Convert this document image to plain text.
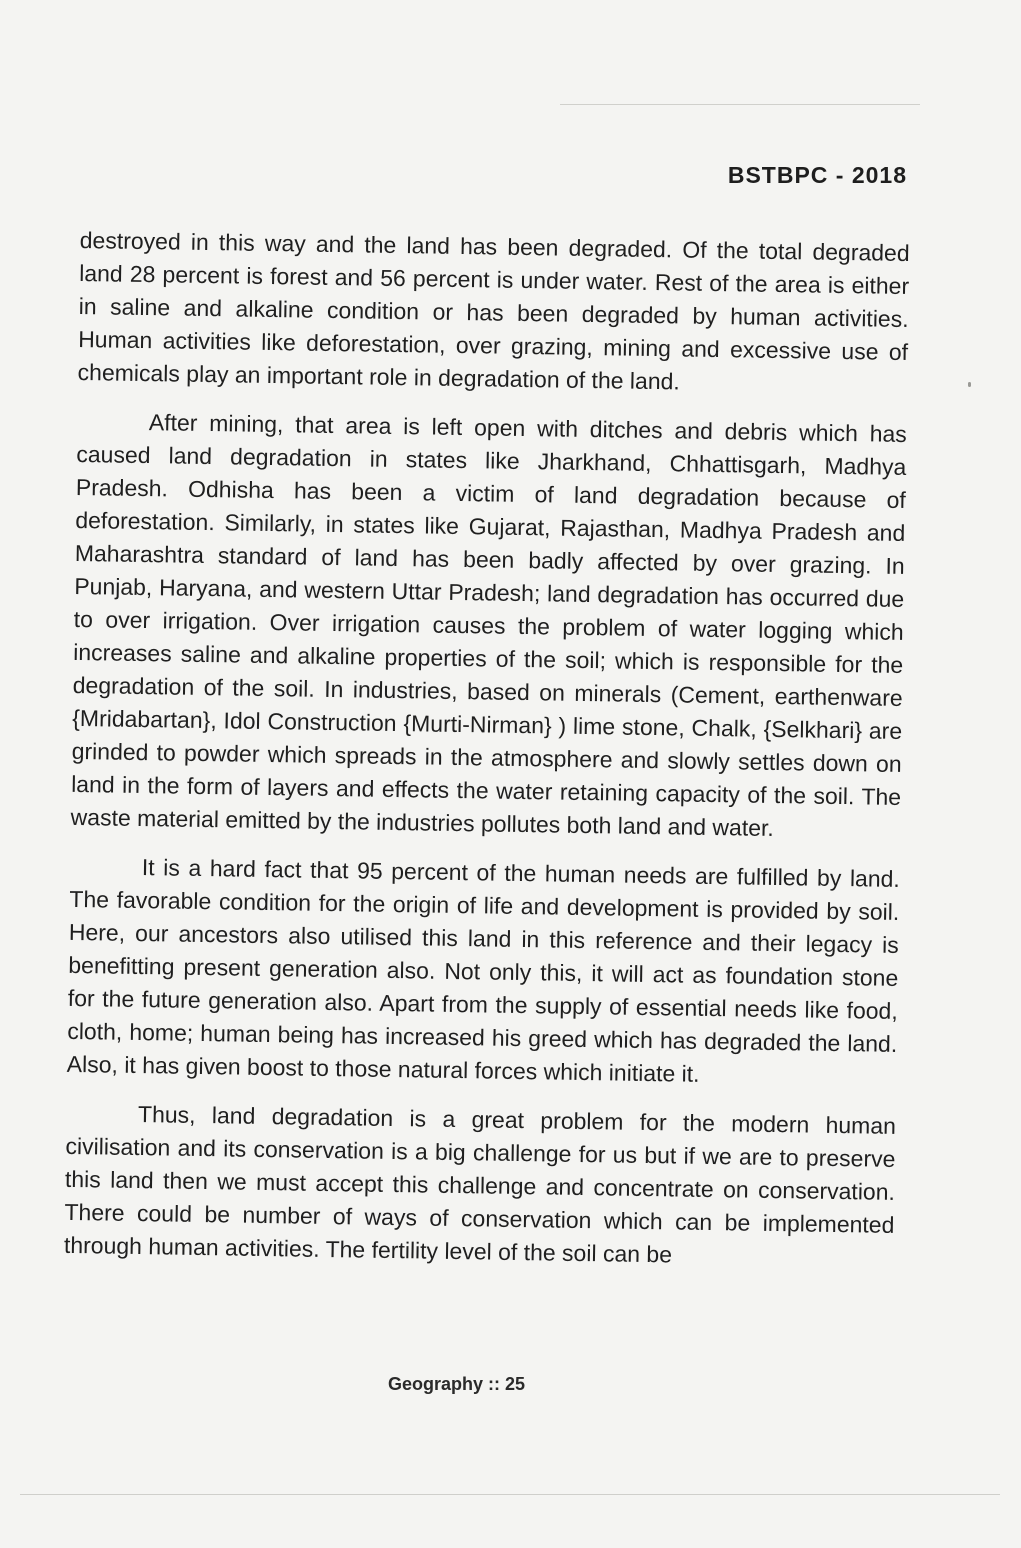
BSTBPC - 2018

destroyed in this way and the land has been degraded. Of the total degraded land 28 percent is forest and 56 percent is under water. Rest of the area is either in saline and alkaline condition or has been degraded by human activities. Human activities like deforestation, over grazing, mining and excessive use of chemicals play an important role in degradation of the land.

After mining, that area is left open with ditches and debris which has caused land degradation in states like Jharkhand, Chhattisgarh, Madhya Pradesh. Odhisha has been a victim of land degradation because of deforestation. Similarly, in states like Gujarat, Rajasthan, Madhya Pradesh and Maharashtra standard of land has been badly affected by over grazing. In Punjab, Haryana, and western Uttar Pradesh; land degradation has occurred due to over irrigation. Over irrigation causes the problem of water logging which increases saline and alkaline properties of the soil; which is responsible for the degradation of the soil. In industries, based on minerals (Cement, earthenware {Mridabartan}, Idol Construction {Murti-Nirman} ) lime stone, Chalk, {Selkhari} are grinded to powder which spreads in the atmosphere and slowly settles down on land in the form of layers and effects the water retaining capacity of the soil. The waste material emitted by the industries pollutes both land and water.

It is a hard fact that 95 percent of the human needs are fulfilled by land. The favorable condition for the origin of life and development is provided by soil. Here, our ancestors also utilised this land in this reference and their legacy is benefitting present generation also. Not only this, it will act as foundation stone for the future generation also. Apart from the supply of essential needs like food, cloth, home; human being has increased his greed which has degraded the land. Also, it has given boost to those natural forces which initiate it.

Thus, land degradation is a great problem for the modern human civilisation and its conservation is a big challenge for us but if we are to preserve this land then we must accept this challenge and concentrate on conservation. There could be number of ways of conservation which can be implemented through human activities. The fertility level of the soil can be

Geography :: 25
